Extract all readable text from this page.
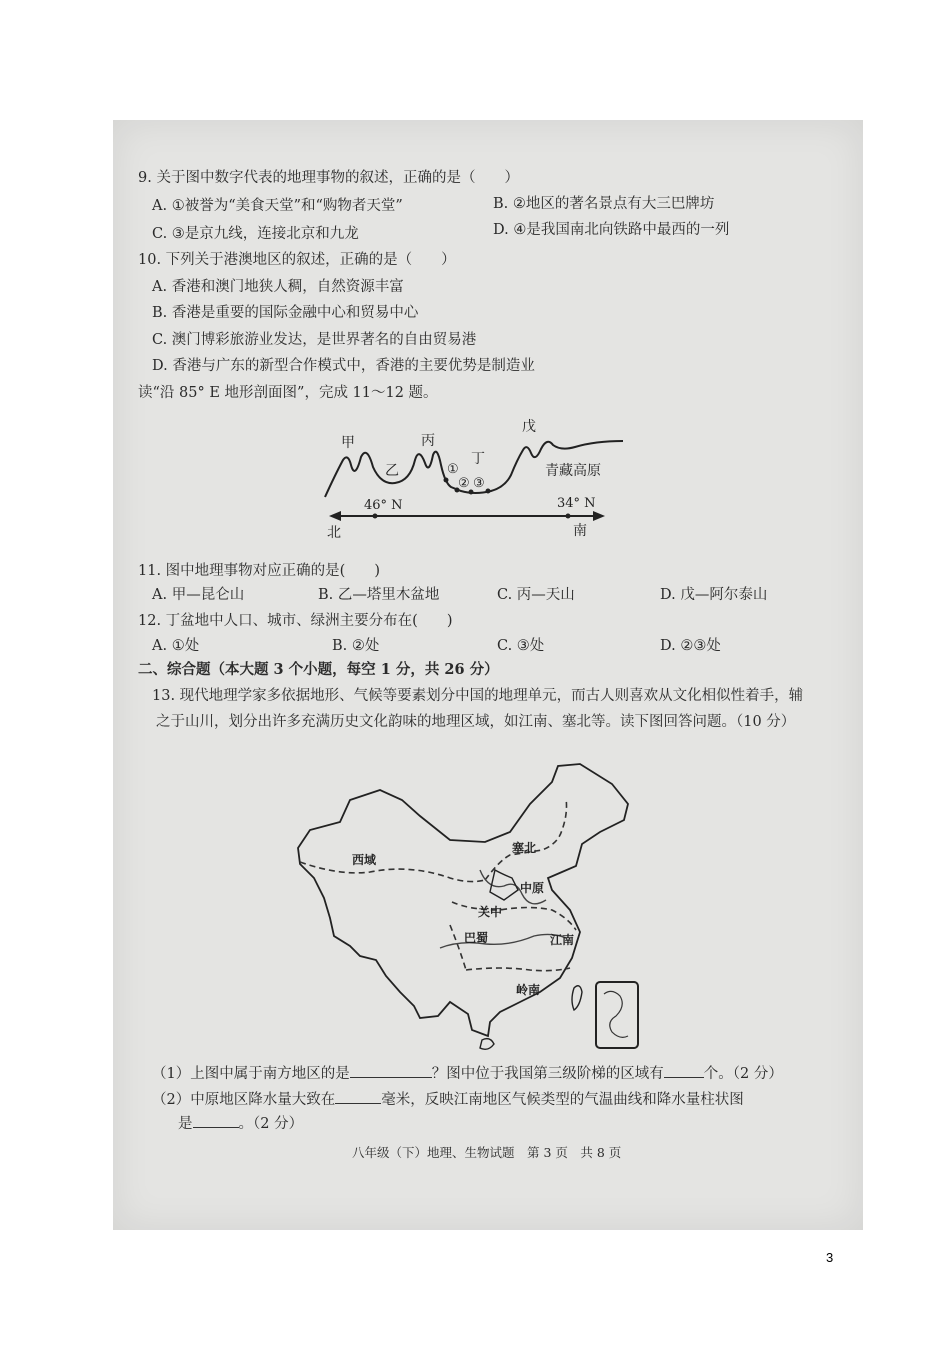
9. 关于图中数字代表的地理事物的叙述，正确的是（　　）
A. ①被誉为“美食天堂”和“购物者天堂”	B. ②地区的著名景点有大三巴牌坊
C. ③是京九线，连接北京和九龙	D. ④是我国南北向铁路中最西的一列
10. 下列关于港澳地区的叙述，正确的是（　　）
A. 香港和澳门地狭人稠，自然资源丰富
B. 香港是重要的国际金融中心和贸易中心
C. 澳门博彩旅游业发达，是世界著名的自由贸易港
D. 香港与广东的新型合作模式中，香港的主要优势是制造业
读“沿 85° E 地形剖面图”，完成 11～12 题。
甲
乙
丙
丁
戊
①
② ③
青藏高原
46° N	34° N
北	南
11. 图中地理事物对应正确的是(　　)
A. 甲—昆仑山	B. 乙—塔里木盆地	C. 丙—天山	D. 戊—阿尔泰山
12. 丁盆地中人口、城市、绿洲主要分布在(　　)
A. ①处	B. ②处	C. ③处	D. ②③处
二、综合题（本大题 3 个小题，每空 1 分，共 26 分）
13. 现代地理学家多依据地形、气候等要素划分中国的地理单元，而古人则喜欢从文化相似性着手，辅
之于山川，划分出许多充满历史文化韵味的地理区域，如江南、塞北等。读下图回答问题。（10 分）
西域
塞北
中原
关中
巴蜀	江南
岭南
（1）上图中属于南方地区的是	？图中位于我国第三级阶梯的区域有	个。（2 分）
（2）中原地区降水量大致在	毫米，反映江南地区气候类型的气温曲线和降水量柱状图
是	。（2 分）
八年级（下）地理、生物试题　第 3 页　共 8 页
3
